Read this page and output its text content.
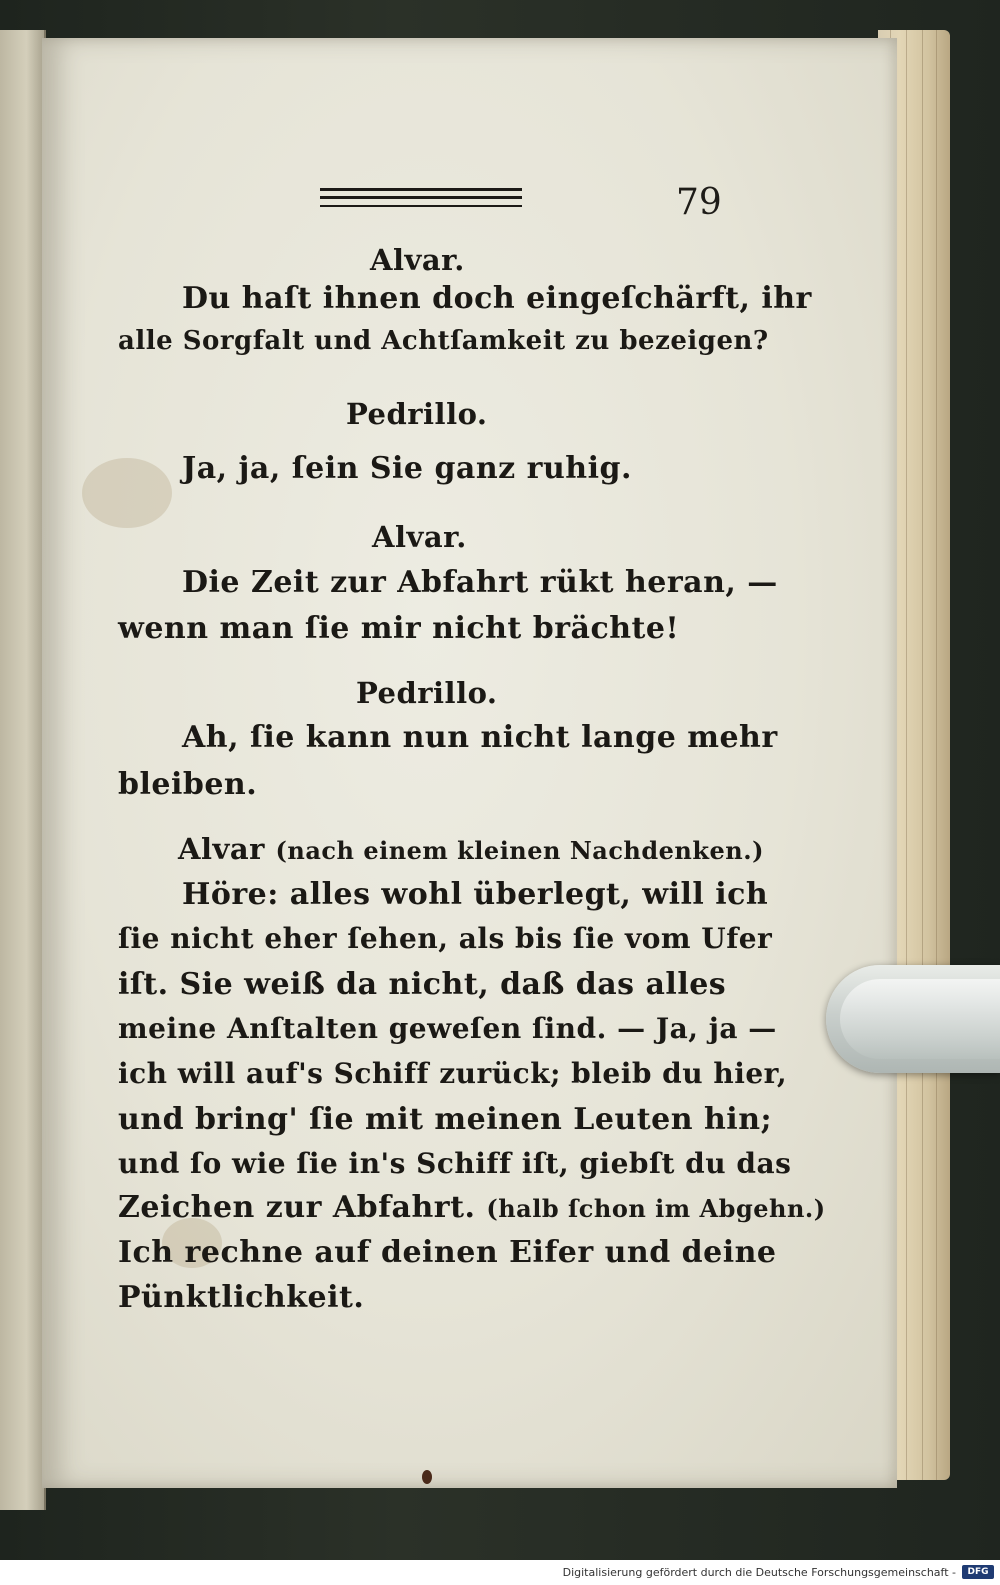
79
Alvar.
Du haſt ihnen doch eingeſchärft, ihr
alle Sorgfalt und Achtſamkeit zu bezeigen?
Pedrillo.
Ja, ja, ſein Sie ganz ruhig.
Alvar.
Die Zeit zur Abfahrt rükt heran, —
wenn man ſie mir nicht brächte!
Pedrillo.
Ah, ſie kann nun nicht lange mehr
bleiben.
Alvar (nach einem kleinen Nachdenken.)
Höre: alles wohl überlegt, will ich
ſie nicht eher ſehen, als bis ſie vom Ufer
iſt. Sie weiß da nicht, daß das alles
meine Anſtalten geweſen ſind. — Ja, ja —
ich will auf's Schiff zurück; bleib du hier,
und bring' ſie mit meinen Leuten hin;
und ſo wie ſie in's Schiff iſt, giebſt du das
Zeichen zur Abfahrt. (halb ſchon im Abgehn.)
Ich rechne auf deinen Eifer und deine
Pünktlichkeit.
Digitalisierung gefördert durch die Deutsche Forschungsgemeinschaft -	DFG
